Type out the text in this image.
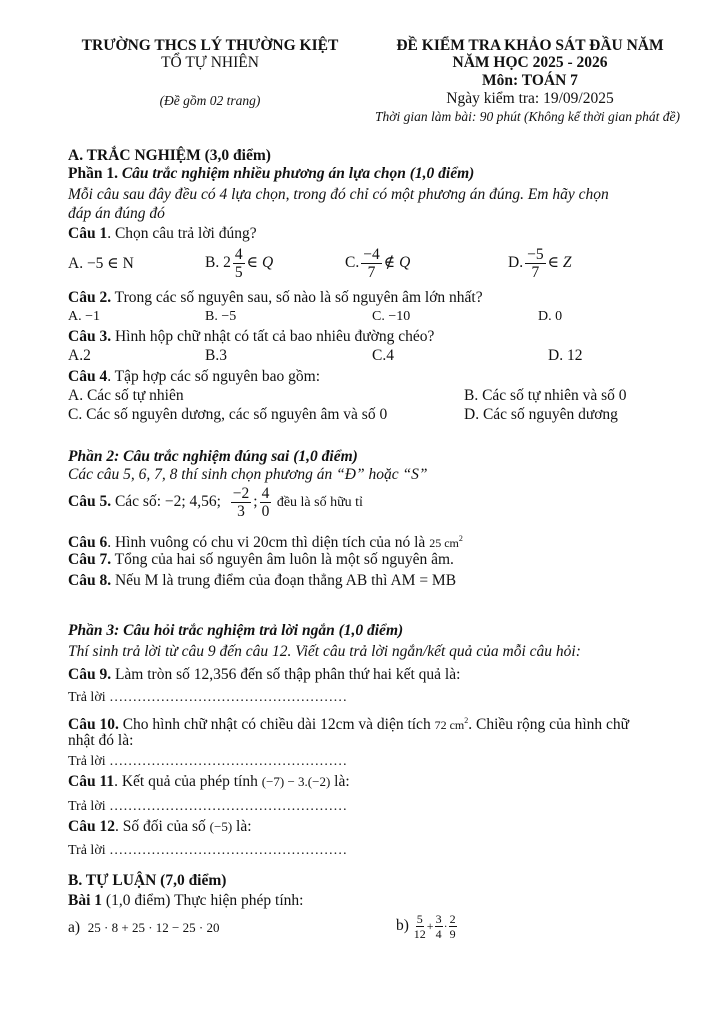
TRƯỜNG THCS LÝ THƯỜNG KIỆT
TỔ TỰ NHIÊN
(Đề gồm 02 trang)
ĐỀ KIỂM TRA KHẢO SÁT ĐẦU NĂM
NĂM HỌC 2025 - 2026
Môn: TOÁN 7
Ngày kiểm tra: 19/09/2025
Thời gian làm bài: 90 phút (Không kể thời gian phát đề)
A. TRẮC NGHIỆM (3,0 điểm)
Phần 1. Câu trắc nghiệm nhiều phương án lựa chọn (1,0 điểm)
Mỗi câu sau đây đều có 4 lựa chọn, trong đó chỉ có một phương án đúng. Em hãy chọn
đáp án đúng đó
Câu 1. Chọn câu trả lời đúng?
A. −5 ∈ N	B. $2 \frac{4}{5}$ ∈ Q	C. $\frac{-4}{7}$ ∉ Q	D. $\frac{-5}{7}$ ∈ Z
Câu 2. Trong các số nguyên sau, số nào là số nguyên âm lớn nhất?
A. −1	B. −5	C. −10	D. 0
Câu 3. Hình hộp chữ nhật có tất cả bao nhiêu đường chéo?
A.2	B.3	C.4	D. 12
Câu 4. Tập hợp các số nguyên bao gồm:
A. Các số tự nhiên	B. Các số tự nhiên và số 0
C. Các số nguyên dương, các số nguyên âm và số 0	D. Các số nguyên dương
Phần 2: Câu trắc nghiệm đúng sai (1,0 điểm)
Các câu 5, 6, 7, 8 thí sinh chọn phương án “Đ” hoặc “S”
Câu 5. Các số: −2; 4,56; $\frac{-2}{3}$ ; $\frac{4}{0}$ đều là số hữu tỉ
Câu 6. Hình vuông có chu vi 20cm thì diện tích của nó là 25 $cm^2$
Câu 7. Tổng của hai số nguyên âm luôn là một số nguyên âm.
Câu 8. Nếu M là trung điểm của đoạn thẳng AB thì AM = MB
Phần 3: Câu hỏi trắc nghiệm trả lời ngắn (1,0 điểm)
Thí sinh trả lời từ câu 9 đến câu 12. Viết câu trả lời ngắn/kết quả của mỗi câu hỏi:
Câu 9. Làm tròn số 12,356 đến số thập phân thứ hai kết quả là:
Trả lời ……………………………………………
Câu 10. Cho hình chữ nhật có chiều dài 12cm và diện tích 72 $cm^2$. Chiều rộng của hình chữ
nhật đó là:
Trả lời ……………………………………………
Câu 11. Kết quả của phép tính (−7) − 3.(−2) là:
Trả lời ……………………………………………
Câu 12. Số đối của số (−5) là:
Trả lời ……………………………………………
B. TỰ LUẬN (7,0 điểm)
Bài 1 (1,0 điểm) Thực hiện phép tính:
a) 25 · 8 + 25 · 12 − 25 · 20	$b) \frac{5}{12} + \frac{3}{4} \cdot \frac{2}{9}$
